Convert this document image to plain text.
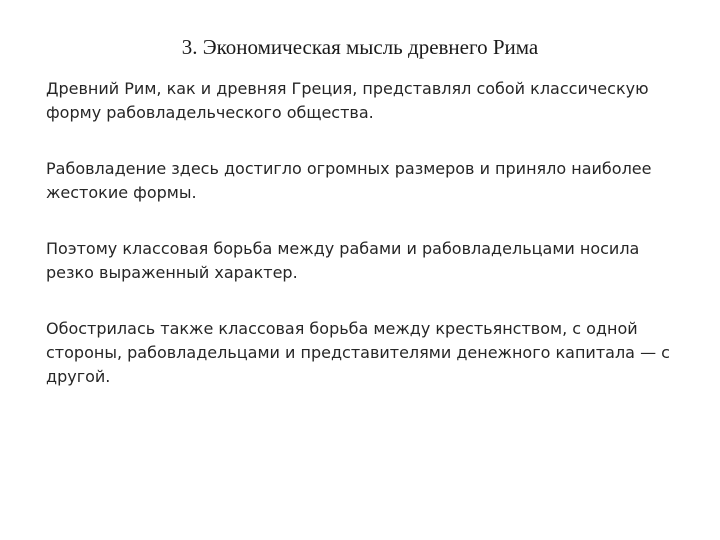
3. Экономическая мысль древнего Рима

Древний Рим, как и древняя Греция, представлял собой классическую форму рабовладельческого общества.

Рабовладение здесь достигло огромных размеров и приняло наиболее жестокие формы.

Поэтому классовая борьба между рабами и рабовладельцами носила резко выраженный характер.

Обострилась также классовая борьба между крестьянством, с одной стороны, рабовладельцами и представителями денежного капитала — с другой.
